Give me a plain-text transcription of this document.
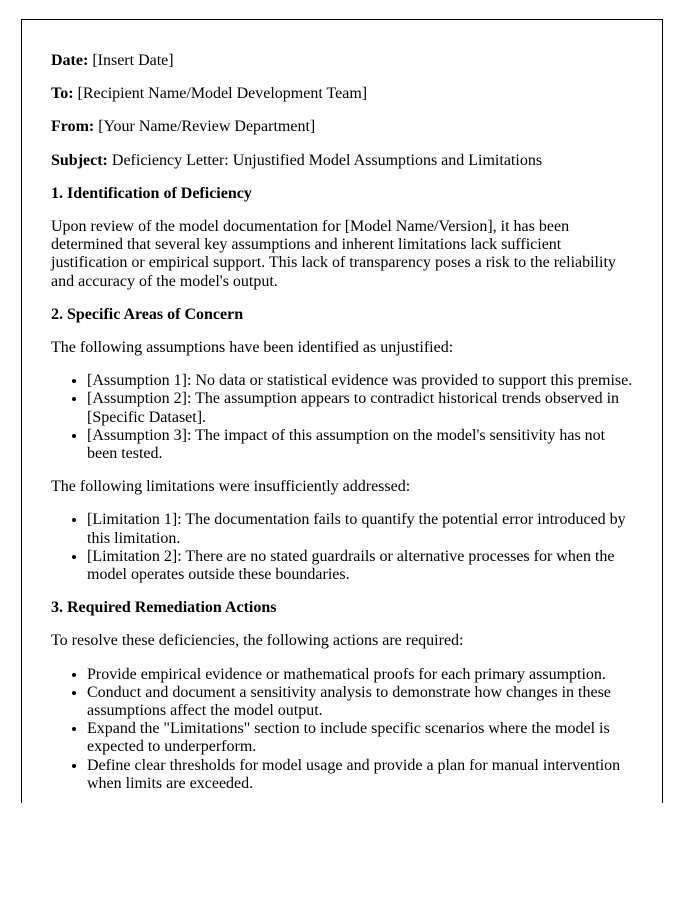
Date: [Insert Date]

To: [Recipient Name/Model Development Team]

From: [Your Name/Review Department]

Subject: Deficiency Letter: Unjustified Model Assumptions and Limitations

1. Identification of Deficiency

Upon review of the model documentation for [Model Name/Version], it has been determined that several key assumptions and inherent limitations lack sufficient justification or empirical support. This lack of transparency poses a risk to the reliability and accuracy of the model's output.

2. Specific Areas of Concern

The following assumptions have been identified as unjustified:

• [Assumption 1]: No data or statistical evidence was provided to support this premise.
• [Assumption 2]: The assumption appears to contradict historical trends observed in [Specific Dataset].
• [Assumption 3]: The impact of this assumption on the model's sensitivity has not been tested.

The following limitations were insufficiently addressed:

• [Limitation 1]: The documentation fails to quantify the potential error introduced by this limitation.
• [Limitation 2]: There are no stated guardrails or alternative processes for when the model operates outside these boundaries.

3. Required Remediation Actions

To resolve these deficiencies, the following actions are required:

• Provide empirical evidence or mathematical proofs for each primary assumption.
• Conduct and document a sensitivity analysis to demonstrate how changes in these assumptions affect the model output.
• Expand the "Limitations" section to include specific scenarios where the model is expected to underperform.
• Define clear thresholds for model usage and provide a plan for manual intervention when limits are exceeded.
